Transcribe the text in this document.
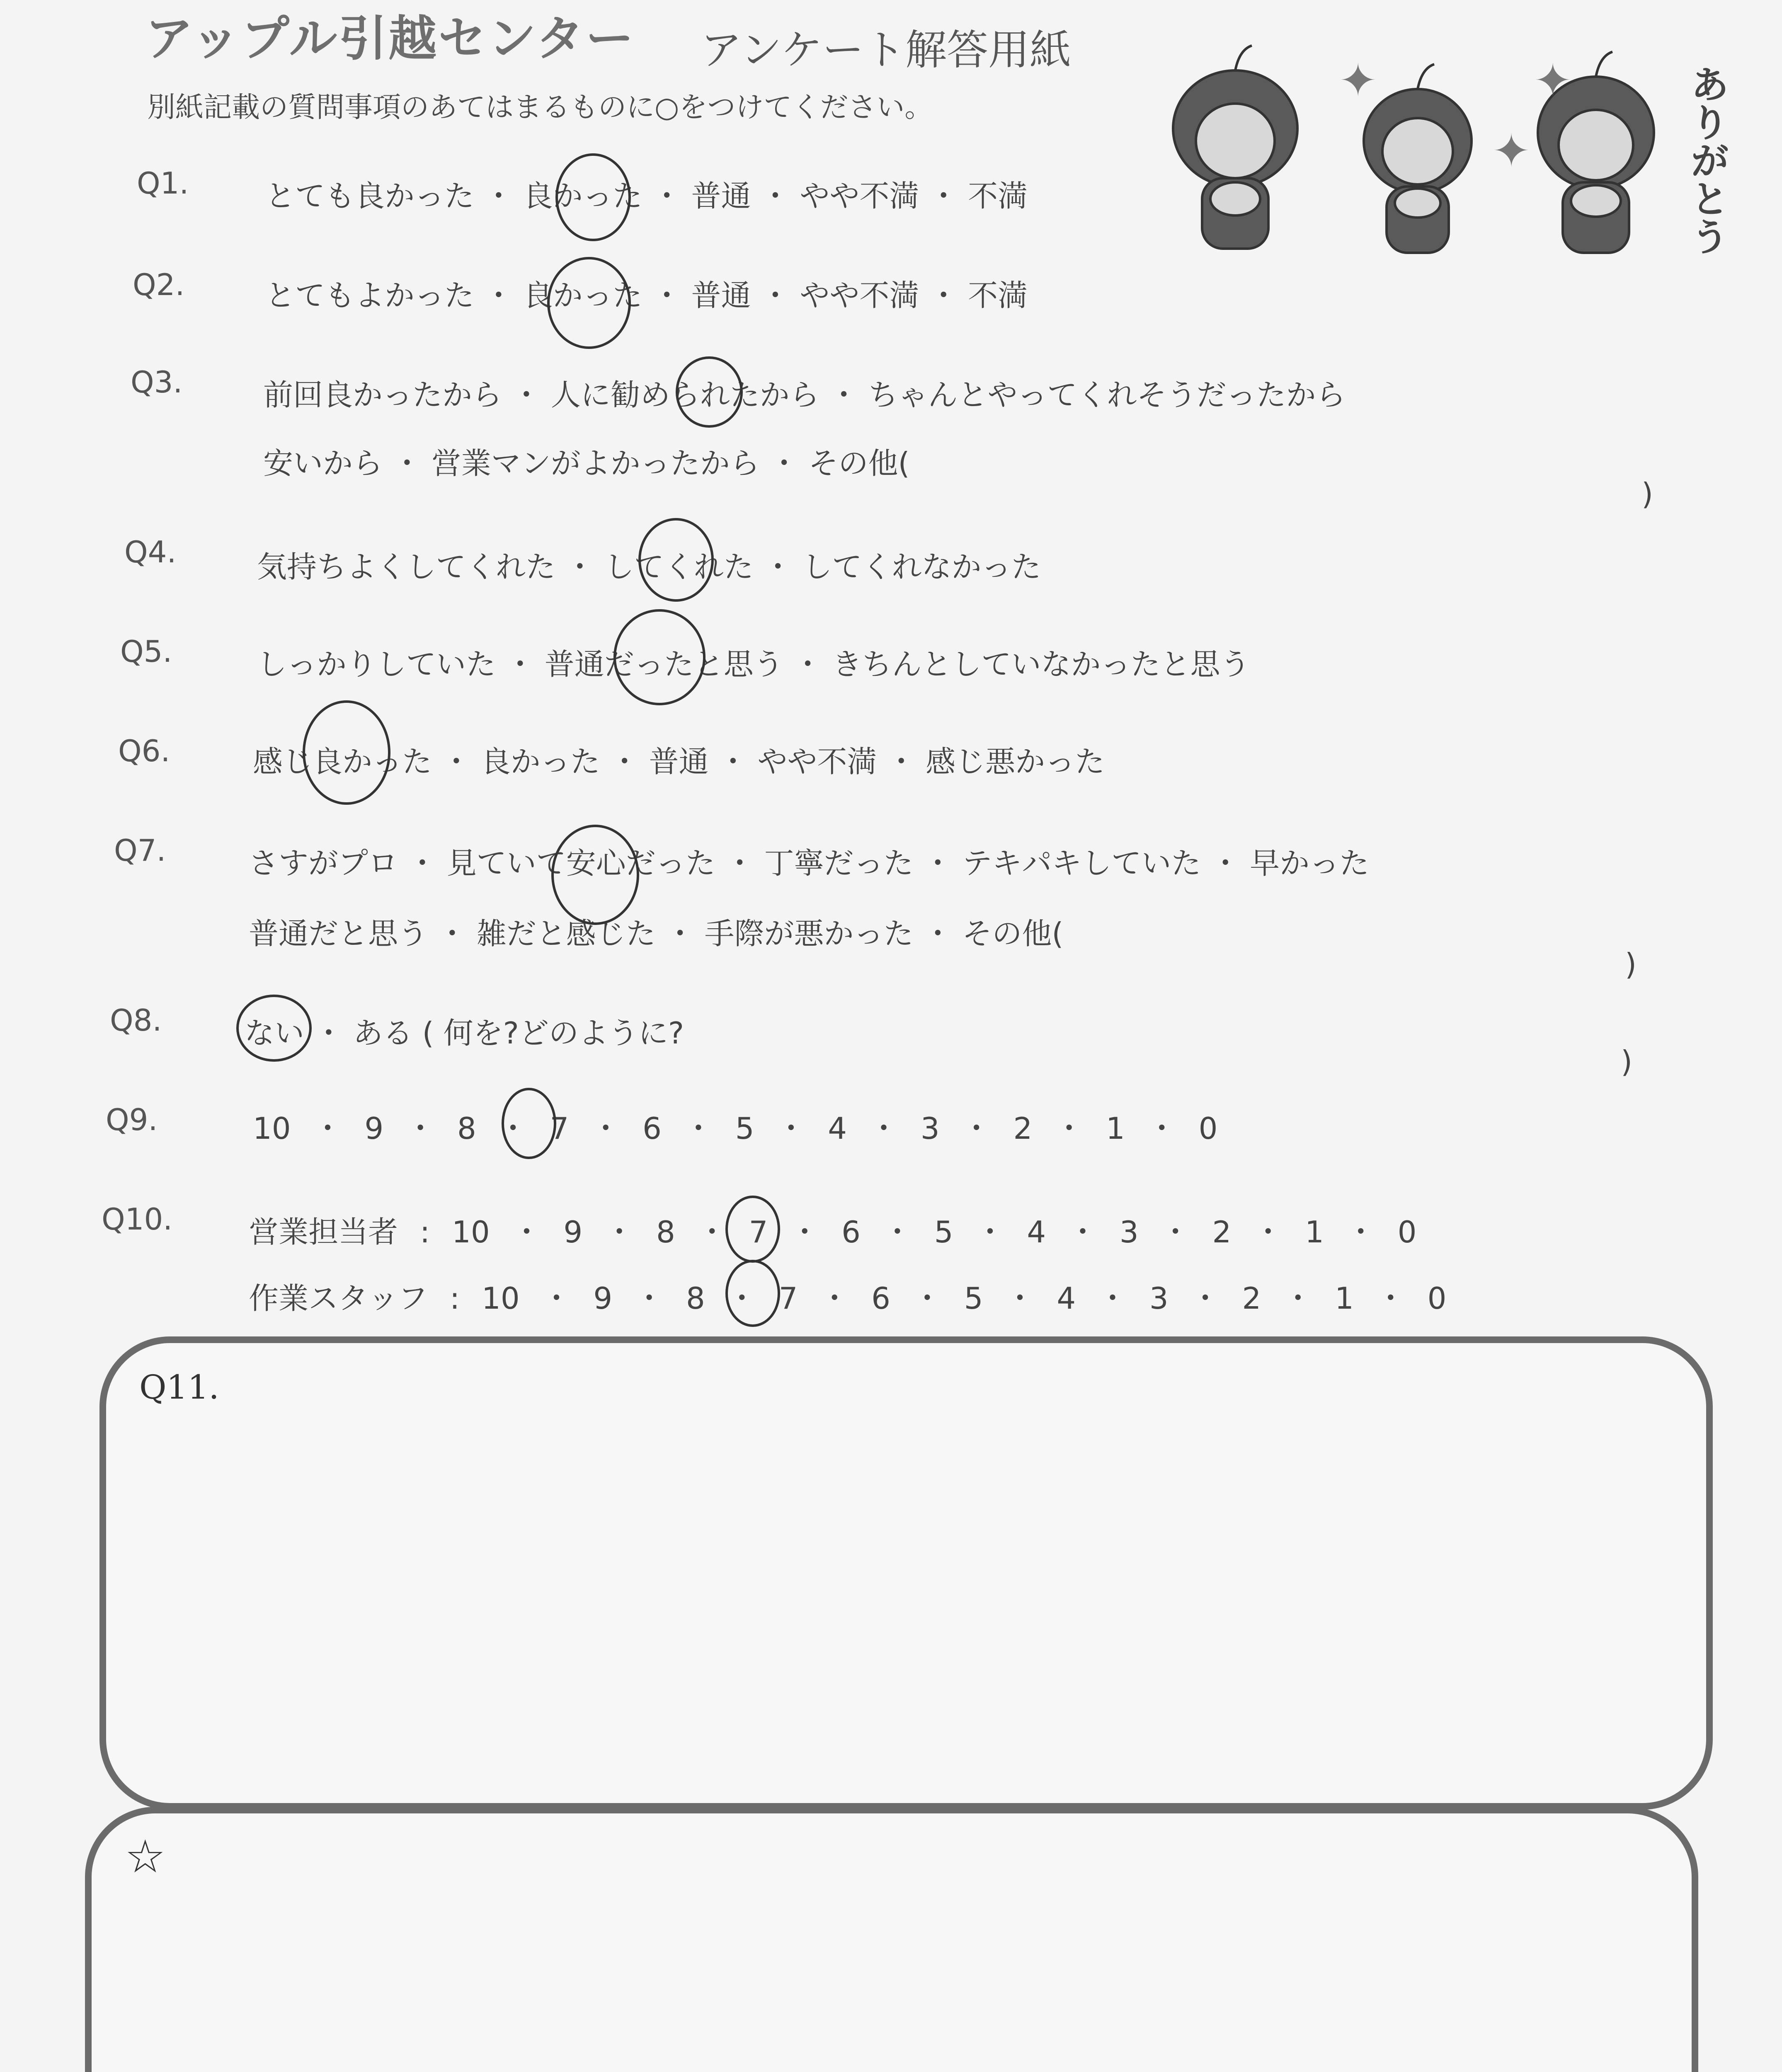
アップル引越センター アンケート解答用紙
別紙記載の質問事項のあてはまるものに○をつけてください。
✦
✦
✦	ありがとう
Q1.	とても良かった ・ 良かった ・ 普通 ・ やや不満 ・ 不満
Q2.	とてもよかった ・ 良かった ・ 普通 ・ やや不満 ・ 不満
Q3.	前回良かったから ・ 人に勧められたから ・ ちゃんとやってくれそうだったから
安いから ・ 営業マンがよかったから ・ その他(
)
Q4.	気持ちよくしてくれた ・ してくれた ・ してくれなかった
Q5.	しっかりしていた ・ 普通だったと思う ・ きちんとしていなかったと思う
Q6.	感じ良かった ・ 良かった ・ 普通 ・ やや不満 ・ 感じ悪かった
Q7.	さすがプロ ・ 見ていて安心だった ・ 丁寧だった ・ テキパキしていた ・ 早かった
普通だと思う ・ 雑だと感じた ・ 手際が悪かった ・ その他(
)
Q8.	ない ・ ある ( 何を?どのように?
)
Q9.	10 ・ 9 ・ 8 ・ 7 ・ 6 ・ 5 ・ 4 ・ 3 ・ 2 ・ 1 ・ 0
Q10.	営業担当者 : 10 ・ 9 ・ 8 ・ 7 ・ 6 ・ 5 ・ 4 ・ 3 ・ 2 ・ 1 ・ 0
作業スタッフ : 10 ・ 9 ・ 8 ・ 7 ・ 6 ・ 5 ・ 4 ・ 3 ・ 2 ・ 1 ・ 0
Q11.
☆
